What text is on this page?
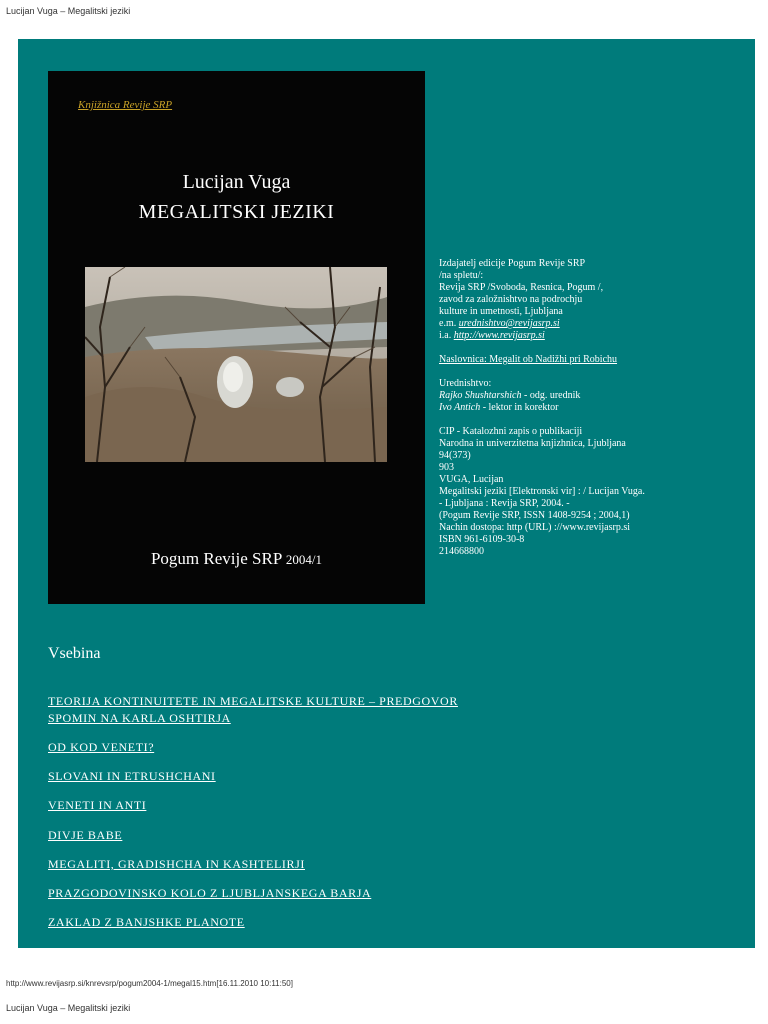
Lucijan Vuga – Megalitski jeziki
Knjižnica Revije SRP
Lucijan Vuga
MEGALITSKI JEZIKI
Pogum Revije SRP 2004/1
Izdajatelj edicije Pogum Revije SRP
/na spletu/:
Revija SRP /Svoboda, Resnica, Pogum /,
zavod za založnishtvo na podrochju
kulture in umetnosti, Ljubljana
e.m. urednishtvo@revijasrp.si
i.a. http://www.revijasrp.si
Naslovnica: Megalit ob Nadižhi pri Robichu
Urednishtvo:
Rajko Shushtarshich - odg. urednik
Ivo Antich - lektor in korektor
CIP - Katalozhni zapis o publikaciji
Narodna in univerzitetna knjizhnica, Ljubljana
94(373)
903
VUGA, Lucijan
Megalitski jeziki [Elektronski vir] : / Lucijan Vuga.
- Ljubljana : Revija SRP, 2004. -
(Pogum Revije SRP, ISSN 1408-9254 ; 2004,1)
Nachin dostopa: http (URL) ://www.revijasrp.si
ISBN 961-6109-30-8
214668800
Vsebina
TEORIJA KONTINUITETE IN MEGALITSKE KULTURE – PREDGOVOR
SPOMIN NA KARLA OSHTIRJA
OD KOD VENETI?
SLOVANI IN ETRUSHCHANI
VENETI IN ANTI
DIVJE BABE
MEGALITI, GRADISHCHA IN KASHTELIRJI
PRAZGODOVINSKO KOLO Z LJUBLJANSKEGA BARJA
ZAKLAD Z BANJSHKE PLANOTE
http://www.revijasrp.si/knrevsrp/pogum2004-1/megal15.htm[16.11.2010 10:11:50]
Lucijan Vuga – Megalitski jeziki
